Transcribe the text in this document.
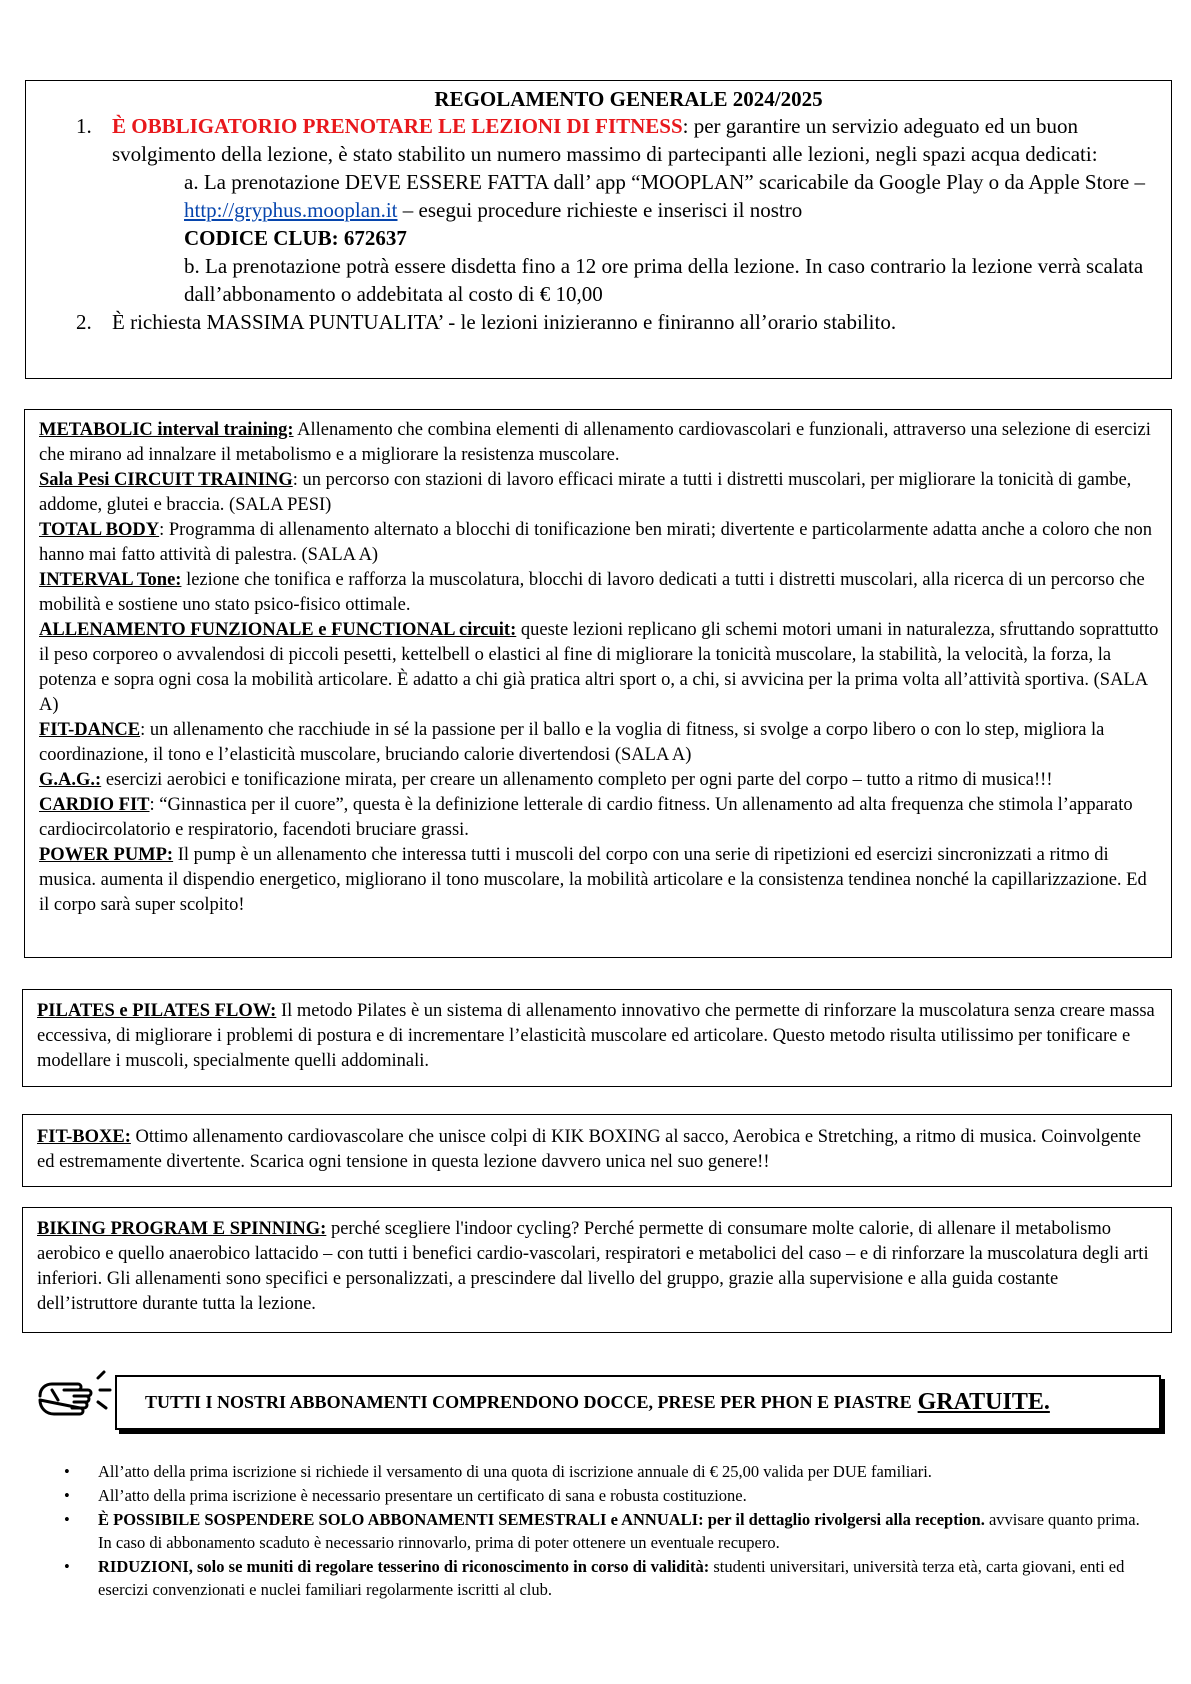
REGOLAMENTO GENERALE 2024/2025
1. È OBBLIGATORIO PRENOTARE LE LEZIONI DI FITNESS: per garantire un servizio adeguato ed un buon svolgimento della lezione, è stato stabilito un numero massimo di partecipanti alle lezioni, negli spazi acqua dedicati:
a. La prenotazione DEVE ESSERE FATTA dall’ app “MOOPLAN” scaricabile da Google Play o da Apple Store – http://gryphus.mooplan.it – esegui procedure richieste e inserisci il nostro
CODICE CLUB: 672637
b. La prenotazione potrà essere disdetta fino a 12 ore prima della lezione. In caso contrario la lezione verrà scalata dall’abbonamento o addebitata al costo di € 10,00
2. È richiesta MASSIMA PUNTUALITA’ - le lezioni inizieranno e finiranno all’orario stabilito.

METABOLIC interval training: Allenamento che combina elementi di allenamento cardiovascolari e funzionali, attraverso una selezione di esercizi che mirano ad innalzare il metabolismo e a migliorare la resistenza muscolare.

Sala Pesi CIRCUIT TRAINING: un percorso con stazioni di lavoro efficaci mirate a tutti i distretti muscolari, per migliorare la tonicità di gambe, addome, glutei e braccia. (SALA PESI)

TOTAL BODY: Programma di allenamento alternato a blocchi di tonificazione ben mirati; divertente e particolarmente adatta anche a coloro che non hanno mai fatto attività di palestra. (SALA A)

INTERVAL Tone: lezione che tonifica e rafforza la muscolatura, blocchi di lavoro dedicati a tutti i distretti muscolari, alla ricerca di un percorso che mobilità e sostiene uno stato psico-fisico ottimale.

ALLENAMENTO FUNZIONALE e FUNCTIONAL circuit: queste lezioni replicano gli schemi motori umani in naturalezza, sfruttando soprattutto il peso corporeo o avvalendosi di piccoli pesetti, kettelbell o elastici al fine di migliorare la tonicità muscolare, la stabilità, la velocità, la forza, la potenza e sopra ogni cosa la mobilità articolare. È adatto a chi già pratica altri sport o, a chi, si avvicina per la prima volta all’attività sportiva. (SALA A)

FIT-DANCE: un allenamento che racchiude in sé la passione per il ballo e la voglia di fitness, si svolge a corpo libero o con lo step, migliora la coordinazione, il tono e l’elasticità muscolare, bruciando calorie divertendosi (SALA A)

G.A.G.: esercizi aerobici e tonificazione mirata, per creare un allenamento completo per ogni parte del corpo – tutto a ritmo di musica!!!

CARDIO FIT: “Ginnastica per il cuore”, questa è la definizione letterale di cardio fitness. Un allenamento ad alta frequenza che stimola l’apparato cardiocircolatorio e respiratorio, facendoti bruciare grassi.

POWER PUMP: Il pump è un allenamento che interessa tutti i muscoli del corpo con una serie di ripetizioni ed esercizi sincronizzati a ritmo di musica. aumenta il dispendio energetico, migliorano il tono muscolare, la mobilità articolare e la consistenza tendinea nonché la capillarizzazione. Ed il corpo sarà super scolpito!

PILATES e PILATES FLOW: Il metodo Pilates è un sistema di allenamento innovativo che permette di rinforzare la muscolatura senza creare massa eccessiva, di migliorare i problemi di postura e di incrementare l’elasticità muscolare ed articolare. Questo metodo risulta utilissimo per tonificare e modellare i muscoli, specialmente quelli addominali.

FIT-BOXE: Ottimo allenamento cardiovascolare che unisce colpi di KIK BOXING al sacco, Aerobica e Stretching, a ritmo di musica. Coinvolgente ed estremamente divertente. Scarica ogni tensione in questa lezione davvero unica nel suo genere!!

BIKING PROGRAM E SPINNING: perché scegliere l'indoor cycling? Perché permette di consumare molte calorie, di allenare il metabolismo aerobico e quello anaerobico lattacido – con tutti i benefici cardio-vascolari, respiratori e metabolici del caso – e di rinforzare la muscolatura degli arti inferiori. Gli allenamenti sono specifici e personalizzati, a prescindere dal livello del gruppo, grazie alla supervisione e alla guida costante dell’istruttore durante tutta la lezione.

TUTTI I NOSTRI ABBONAMENTI COMPRENDONO DOCCE, PRESE PER PHON E PIASTRE GRATUITE.
• All’atto della prima iscrizione si richiede il versamento di una quota di iscrizione annuale di € 25,00 valida per DUE familiari.
• All’atto della prima iscrizione è necessario presentare un certificato di sana e robusta costituzione.
• È POSSIBILE SOSPENDERE SOLO ABBONAMENTI SEMESTRALI e ANNUALI: per il dettaglio rivolgersi alla reception. avvisare quanto prima. In caso di abbonamento scaduto è necessario rinnovarlo, prima di poter ottenere un eventuale recupero.
• RIDUZIONI, solo se muniti di regolare tesserino di riconoscimento in corso di validità: studenti universitari, università terza età, carta giovani, enti ed esercizi convenzionati e nuclei familiari regolarmente iscritti al club.
